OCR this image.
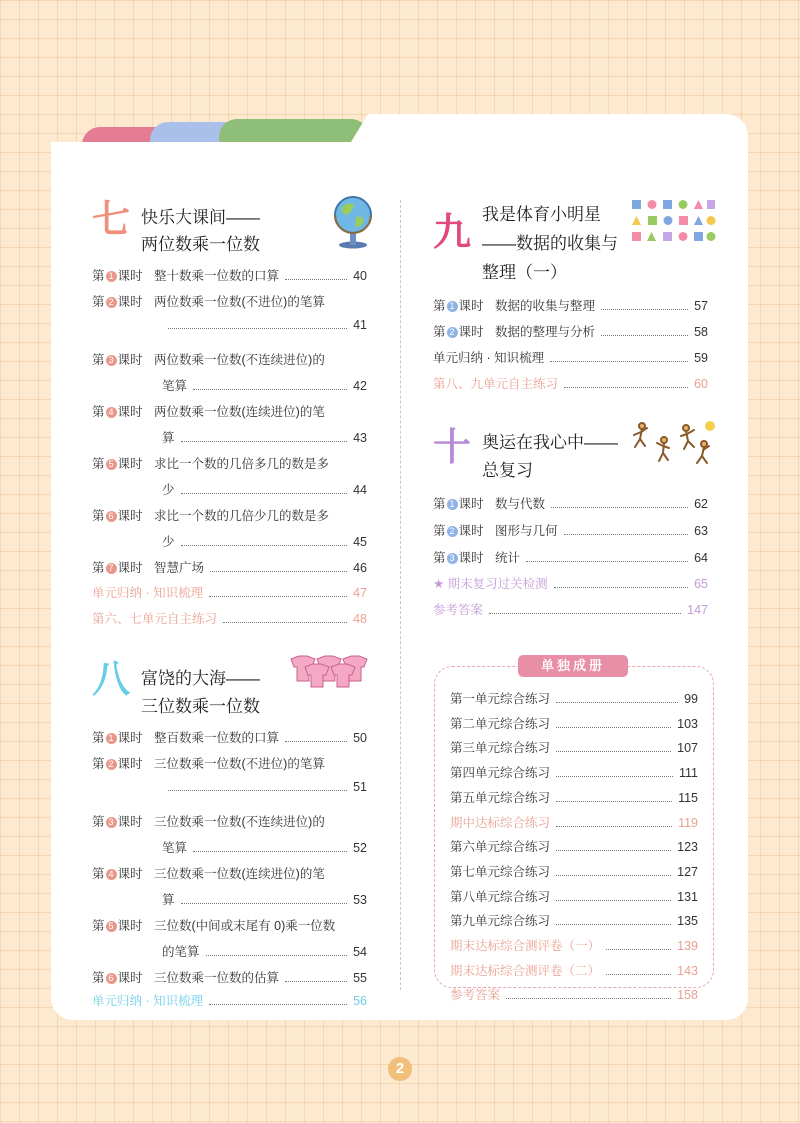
七 快乐大课间——
两位数乘一位数
第 1 课时 整十数乘一位数的口算	40
第 2 课时 两位数乘一位数(不进位)的笔算
41
第 3 课时 两位数乘一位数(不连续进位)的
笔算	42
第 4 课时 两位数乘一位数(连续进位)的笔
算	43
第 5 课时 求比一个数的几倍多几的数是多
少	44
第 6 课时 求比一个数的几倍少几的数是多
少	45
第 7 课时 智慧广场	46
单元归纳 · 知识梳理	47
第六、七单元自主练习	48
八 富饶的大海——
三位数乘一位数
第 1 课时 整百数乘一位数的口算	50
第 2 课时 三位数乘一位数(不进位)的笔算
51
第 3 课时 三位数乘一位数(不连续进位)的
笔算	52
第 4 课时 三位数乘一位数(连续进位)的笔
算	53
第 5 课时 三位数(中间或末尾有 0)乘一位数
的笔算	54
第 6 课时 三位数乘一位数的估算	55
单元归纳 · 知识梳理	56
九 我是体育小明星
——数据的收集与
整理（一）
第 1 课时 数据的收集与整理	57
第 2 课时 数据的整理与分析	58
单元归纳 · 知识梳理	59
第八、九单元自主练习	60
十 奥运在我心中——
总复习
第 1 课时 数与代数	62
第 2 课时 图形与几何	63
第 3 课时 统计	64
★ 期末复习过关检测	65
参考答案	147
单独成册
第一单元综合练习	99
第二单元综合练习	103
第三单元综合练习	107
第四单元综合练习	111
第五单元综合练习	115
期中达标综合练习	119
第六单元综合练习	123
第七单元综合练习	127
第八单元综合练习	131
第九单元综合练习	135
期末达标综合测评卷（一）	139
期末达标综合测评卷（二）	143
参考答案	158
2
